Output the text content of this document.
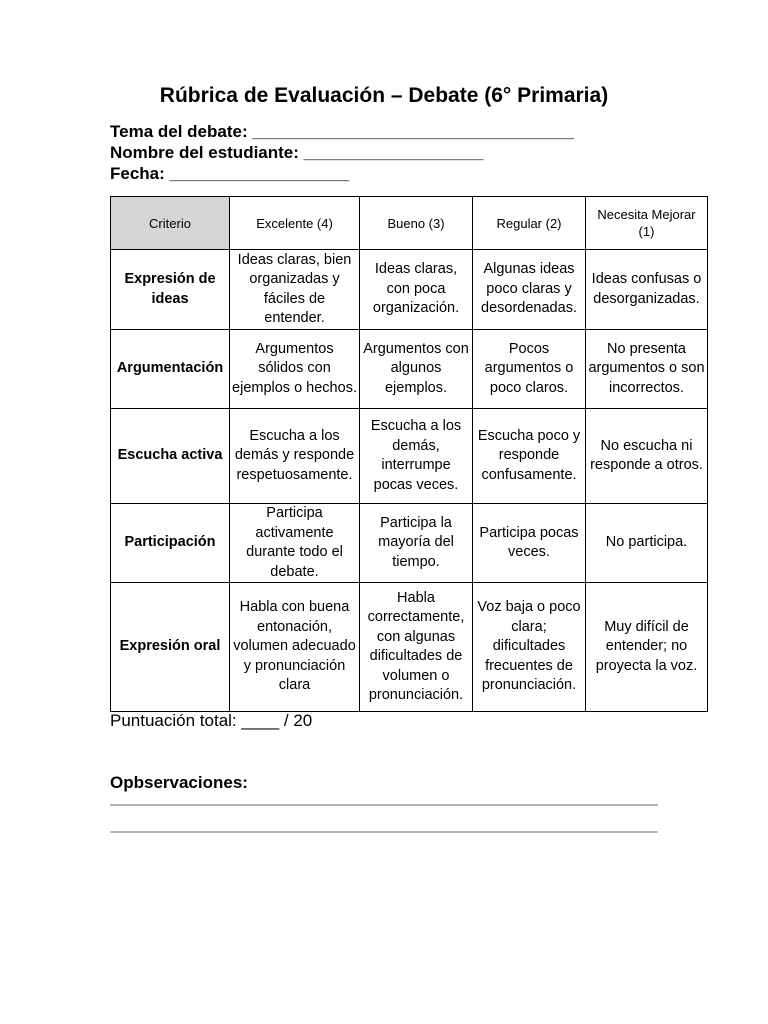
Rúbrica de Evaluación – Debate (6° Primaria)
Tema del debate: __________________________________
Nombre del estudiante: ___________________
Fecha: ___________________
Criterio	Excelente (4)	Bueno (3)	Regular (2)	Necesita Mejorar (1)
Expresión de ideas	Ideas claras, bien organizadas y fáciles de entender.	Ideas claras, con poca organización.	Algunas ideas poco claras y desordenadas.	Ideas confusas o desorganizadas.
Argumentación	Argumentos sólidos con ejemplos o hechos.	Argumentos con algunos ejemplos.	Pocos argumentos o poco claros.	No presenta argumentos o son incorrectos.
Escucha activa	Escucha a los demás y responde respetuosamente.	Escucha a los demás, interrumpe pocas veces.	Escucha poco y responde confusamente.	No escucha ni responde a otros.
Participación	Participa activamente durante todo el debate.	Participa la mayoría del tiempo.	Participa pocas veces.	No participa.
Expresión oral	Habla con buena entonación, volumen adecuado y pronunciación clara	Habla correctamente, con algunas dificultades de volumen o pronunciación.	Voz baja o poco clara; dificultades frecuentes de pronunciación.	Muy difícil de entender; no proyecta la voz.
Puntuación total: ____ / 20
Opbservaciones:
